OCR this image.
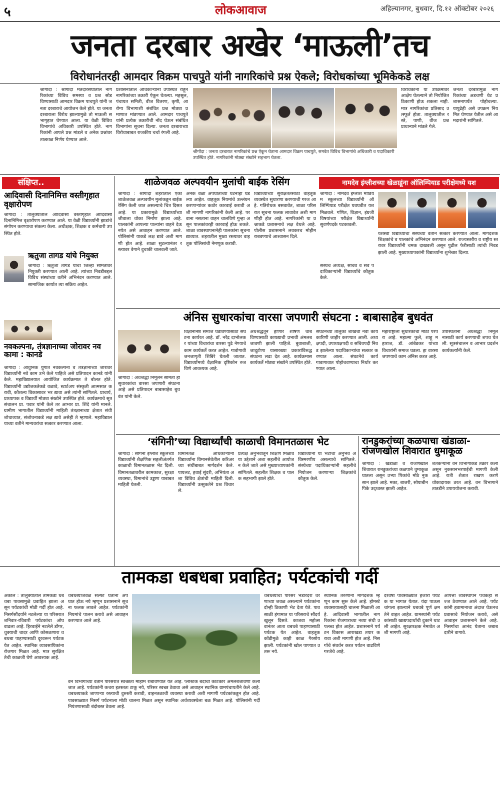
५	लोकआवाज	अहिल्यानगर, बुधवार, दि.१२ ऑक्टोबर २०२६
जनता दरबार अखेर ‘माऊली’तच
विरोधानंतरही आमदार विक्रम पाचपुते यांनी नागरिकांचे प्रश्न ऐकले; विरोधकांच्या भूमिकेकडे लक्ष
श्रीगोंदा : श्रीगोंदा मतदारसंघातील नागरिकांच्या विविध समस्या व प्रश्न सोडविण्यासाठी आमदार विक्रम पाचपुते यांनी जनता दरबाराचे आयोजन केले होते. या जनता दरबाराला विरोध झाल्यामुळे तो माऊली सभागृहात घेण्यात आला. या वेळी विविध विभागांचे अधिकारी उपस्थित होते. नागरिकांनी आपले प्रश्न मांडले व अनेक प्रश्नांवर तात्काळ निर्णय घेण्यात आले.
प्रशासनातील अधिकाऱ्यांनी उपस्थित राहून नागरिकांच्या तक्रारी ऐकून घेतल्या. महसूल, पंचायत समिती, वीज वितरण, कृषी, आरोग्य विभागाशी संबंधित प्रश्न मोठ्या प्रमाणात मांडण्यात आले. आमदार पाचपुते यांनी प्रत्येक तक्रारीची नोंद घेऊन संबंधित विभागांना सूचना दिल्या. जनता दरबाराच्या विरोधाबाबत राजकीय चर्चा रंगली आहे.
श्रीगोंदा : जनता दरबारात नागरिकांचे प्रश्न ऐकून घेताना आमदार विक्रम पाचपुते, समवेत विविध विभागांचे अधिकारी व पदाधिकारी उपस्थित होते. नागरिकांनी मोठ्या संख्येने सहभाग घेतला.
विरोधकांनी या उपक्रमावर आक्षेप घेतल्याने तो नियोजित ठिकाणी होऊ शकला नाही. मात्र नागरिकांचा प्रतिसाद उत्स्फूर्त होता. तालुक्यातील रस्ते, पाणी, वीज प्रश्न प्राधान्याने मांडले गेले.
जनता दरबारामुळे नागरिकांच्या अडचणी थेट प्रशासनापर्यंत पोहोचल्या. यापुढेही असे उपक्रम नियमित घेण्यात येतील असे आमदारांनी सांगितले.
संक्षिप्त..
आदिवासी दिनानिमित्त वस्तीगृहात वृक्षारोपण
श्रीगोंदा : तालुक्यातील आदिवासी वस्तीगृहात आदिवासी दिनानिमित्त वृक्षारोपण करण्यात आले. या वेळी विद्यार्थ्यांनी झाडांचे संगोपन करण्याचा संकल्प केला. अधीक्षक, शिक्षक व कर्मचारी उपस्थित होते.
ऋतुजा तागड यांचे नियुक्त
श्रीगोंदा : ऋतुजा तागड यांची जिल्हा समितीवर नियुक्ती करण्यात आली आहे. त्यांच्या निवडीबद्दल विविध संस्थांच्या वतीने अभिनंदन करण्यात आले. सामाजिक कार्यात त्या सक्रिय आहेत.
नवकल्पना, तंत्रज्ञानाच्या जोरावर नव कामा : कानडे
श्रीगोंदा : आधुनिक युगात नवकल्पना व तंत्रज्ञानाच्या जोरावर विद्यार्थ्यांनी नवे काम उभे केले पाहिजे असे प्रतिपादन कानडे यांनी केले. महाविद्यालयात आयोजित कार्यक्रमात ते बोलत होते. विद्यार्थ्यांनी उद्योजकतेकडे वळावे, स्टार्टअप संस्कृती आत्मसात करावी, कौशल्य विकासावर भर द्यावा असे त्यांनी सांगितले. प्राचार्य, प्राध्यापक व विद्यार्थी मोठ्या संख्येने उपस्थित होते. कार्यक्रमाचे सूत्रसंचालन प्रा. पवार यांनी केले तर आभार प्रा. शिंदे यांनी मानले. ग्रामीण भागातील विद्यार्थ्यांनी माहिती तंत्रज्ञानाच्या क्षेत्रात संधी शोधाव्यात, संशोधनाकडे लक्ष द्यावे असेही ते म्हणाले. महाविद्यालयाच्या वतीने मान्यवरांचा सत्कार करण्यात आला.
शाळेजवळ अल्पवयीन मुलांची बाईक रेसिंग
श्रीगोंदा : श्रीगोंदा शहरातील एका शाळेजवळ अल्पवयीन मुलांकडून बाईक रेसिंग केली जात असल्याचे चित्र दिसत आहे. या प्रकारामुळे विद्यार्थ्यांच्या जीवाला धोका निर्माण झाला आहे. पालकांनी आपल्या पाल्यांना वाहने देऊ नयेत असे आवाहन करण्यात आले. पोलिसांनी याकडे लक्ष द्यावे अशी मागणी होत आहे. शाळा सुटल्यानंतर रस्त्यावर वेगाने दुचाकी चालवली जाते.
अनेक वेळा अपघाताच्या घटनाही घडल्या आहेत. वाहतूक नियमांचे उल्लंघन करणाऱ्यांवर कठोर कारवाई करावी अशी मागणी नागरिकांनी केली आहे. परवाना नसताना वाहन चालविणे गुन्हा असून पालकांवरही कारवाई होऊ शकते. शाळा व्यवस्थापनानेही पालकांना सूचना द्याव्यात. शहरातील मुख्य रस्त्यावर वाहतूक पोलिसांची नेमणूक करावी.
विद्यार्थ्यांच्या सुरक्षिततेसाठी वाहतूक व्यवस्थेत सुधारणा करण्याची गरज आहे. गतिरोधक बसवावेत, शाळा परिसरात सूचना फलक लावावेत अशी मागणीही होत आहे. नागरिकांनी या प्रश्नाकडे प्रशासनाचे लक्ष वेधले आहे. पोलीस प्रशासनाने लवकरच मोहीम राबवण्याचे आश्वासन दिले.
नामदेव इंग्लीशच्या खेळाडूंना ऑलिम्पियाड परीक्षेमध्ये यश
श्रीगोंदा : नामदेव इंग्लीश मीडियम स्कूलच्या विद्यार्थ्यांनी ऑलिम्पियाड परीक्षेत घवघवीत यश मिळवले. गणित, विज्ञान, इंग्रजी विषयांच्या परीक्षेत विद्यार्थ्यांनी सुवर्णपदके पटकावली.
यशस्वी विद्यार्थ्यांचा संस्थेच्या वतीने सत्कार करण्यात आला. मार्गदर्शक शिक्षकांचे व पालकांचे अभिनंदन करण्यात आले. राज्यस्तरीय व राष्ट्रीय स्तरावर विद्यार्थ्यांनी चमक दाखवली असून पुढील फेरीसाठी त्यांची निवड झाली आहे. मुख्याध्यापकांनी विद्यार्थ्यांना शुभेच्छा दिल्या.
संस्थेचे अध्यक्ष, सचिव व सर्व पदाधिकाऱ्यांनी विद्यार्थ्यांचे कौतुक केले.
अंनिस सुधारकांचा वारसा जपणारी संघटना : बाबासाहेब बुधवंत
श्रीगोंदा : अंधश्रद्धा निर्मूलन समिती ही सुधारकांचा वारसा जपणारी संघटना आहे असे प्रतिपादन बाबासाहेब बुधवंत यांनी केले.
विज्ञाननिष्ठ समाज घडविण्यासाठी संघटना कार्यरत आहे. डॉ. नरेंद्र दाभोलकर यांच्या विचारांचा वारसा पुढे नेण्याचे काम कार्यकर्ते करत आहेत. गावोगावी जनजागृती शिबिरे घेतली जातात. विद्यार्थ्यांमध्ये वैज्ञानिक दृष्टिकोन रुजविणे आवश्यक आहे.
अंधश्रद्धेतून होणारे शोषण थांबविण्यासाठी कायद्याची प्रभावी अंमलबजावणी झाली पाहिजे. बुवाबाजी, जादूटोणा यासारख्या प्रकारांविरुद्ध संघटना लढा देत आहे. कार्यक्रमास कार्यकर्ते मोठ्या संख्येने उपस्थित होते.
संघटनेच्या तालुका शाखेची नवी कार्यकारिणी जाहीर करण्यात आली. अध्यक्षपदी, उपाध्यक्षपदी व सचिवपदी निवड झालेल्या पदाधिकाऱ्यांचा सत्कार करण्यात आला. संघटनेचे कार्य गावागावात पोहोचवण्याचा निर्धार करण्यात आला.
महाराष्ट्राला सुधारकांची मोठी परंपरा आहे. महात्मा फुले, शाहू महाराज, डॉ. आंबेडकर यांच्या विचारांनी समाज घडला. हा वारसा जपण्याचे काम अंनिस करत आहे.
उपस्थितांनी अंधश्रद्धा निर्मूलनासाठी कार्य करण्याची शपथ घेतली. सूत्रसंचालन व आभार प्रदर्शन कार्यकर्त्यांनी केले.
‘संगिनी’च्या विद्यार्थ्यांची काळाची विमानतळास भेट
श्रीगोंदा : संगिनी इंग्लीश स्कूलच्या विद्यार्थ्यांनी शैक्षणिक सहलीअंतर्गत काळाची विमानतळास भेट दिली. विमानतळावरील कामकाज, सुरक्षा व्यवस्था, विमानांचे उड्डाण याबाबत माहिती घेतली.
विमानतळ अधिकाऱ्यांनी विद्यार्थ्यांना विमानसेवेतील करिअरच्या संधींबाबत मार्गदर्शन केले. पायलट, हवाई सुंदरी, अभियंता अशा विविध क्षेत्रांची माहिती दिली. विद्यार्थ्यांनी उत्सुकतेने प्रश्न विचारले.
प्रत्यक्ष अनुभवातून शिक्षण मिळावे या उद्देशाने अशा सहलींचे आयोजन केले जाते असे मुख्याध्यापकांनी सांगितले. सहलीत शिक्षक व पालक सहभागी झाले होते.
विद्यार्थ्यांनी या भेटीचा अनुभव अविस्मरणीय असल्याचे सांगितले. संस्थेच्या पदाधिकाऱ्यांनी सहलीचे नियोजन करणाऱ्या शिक्षकांचे कौतुक केले.
रानडुकरांच्या कळपाचा खंडाळा-रांजणखोल शिवारात धुमाकूळ
श्रीगोंदा : खंडाळा व रांजणखोल शिवारात रानडुकरांच्या कळपाने धुमाकूळ घातला असून उभ्या पिकांचे मोठे नुकसान झाले आहे. मका, बाजरी, सोयाबीन पिके उद्ध्वस्त झाली आहेत.
शेतकऱ्यांनी वन विभागाकडे तक्रार केली असून नुकसानभरपाईची मागणी केली आहे. रात्री शेतात राखण करणे धोकादायक ठरत आहे. वन विभागाने तातडीने उपाययोजना करावी.
तामकडा धबधबा प्रवाहित; पर्यटकांची गर्दी
अकोले : तालुक्यातील तामकडा धबधबा पावसामुळे प्रवाहित झाला असून पर्यटकांची मोठी गर्दी होत आहे. निसर्गसौंदर्याने नटलेल्या या परिसरात शनिवार-रविवारी पर्यटकांचा ओघ वाढला आहे. हिरवाईने नटलेले डोंगर, धुक्याची चादर आणि कोसळणारा धबधबा पाहण्यासाठी दूरवरून पर्यटक येत आहेत. स्थानिक व्यावसायिकांना रोजगार मिळत आहे. मात्र सुरक्षिततेची काळजी घेणे आवश्यक आहे.
धबधब्याजवळ सेल्फी घेताना अपघात होऊ नये म्हणून प्रशासनाने सूचना फलक लावले आहेत. पर्यटकांनी नियमांचे पालन करावे असे आवाहन करण्यात आले आहे.
वन विभागाच्या वतीने परिसरात स्वच्छता मोहीम राबविण्यात येत आहे. प्लॅस्टिक बंदीची काटेकोर अंमलबजावणी केली जात आहे. पर्यटकांनी कचरा इतस्ततः टाकू नये, परिसर स्वच्छ ठेवावा असे आवाहन स्थानिक ग्रामपंचायतीने केले आहे. धबधब्याकडे जाणाऱ्या रस्त्याची दुरुस्ती करावी, वाहनतळाची व्यवस्था करावी अशी मागणी पर्यटकांकडून होत आहे. पावसाळ्यात निसर्ग पर्यटनाला मोठी चालना मिळत असून स्थानिक अर्थव्यवस्थेला बळ मिळत आहे. पोलिसांनी गर्दी नियंत्रणासाठी बंदोबस्त ठेवला आहे.
धबधब्याचा परिसर भंडारदरा धरणाच्या जवळ असल्याने पर्यटकांना दोन्ही ठिकाणी भेट देता येते. पावसाळी हंगामात या परिसराचे सौंदर्य खुलून दिसते. काजवा महोत्सवानंतर आता धबधबे पाहण्यासाठी पर्यटक येत आहेत. वाहतूक कोंडीमुळे काही काळ गैरसोय झाली. पर्यटकांनी खोल पाण्यात उतरू नये.
स्थानिक तरुणांनी मार्गदर्शक म्हणून काम सुरू केले आहे. होमस्टे व्यवसायालाही चालना मिळाली आहे. आदिवासी भागातील नागरिकांना रोजगाराच्या नव्या संधी उपलब्ध होत आहेत. प्रशासनाने पर्यटन विकास आराखडा तयार करावा अशी मागणी होत आहे. निसर्गाचे संवर्धन करत पर्यटन वाढविणे गरजेचे आहे.
दरवर्षी पावसाळ्यात हजारो पर्यटक या भागात येतात. यंदा पाऊस चांगला झाल्याने धबधबे पूर्ण क्षमतेने वाहत आहेत. ग्रामस्थांनी पर्यटकांसाठी खाद्यपदार्थांची दुकाने थाटली आहेत. सुरक्षारक्षक नेमावेत अशी मागणी आहे.
आपत्ती व्यवस्थापन पथकही सज्ज ठेवण्यात आले आहे. पर्यटकांनी हवामानाचा अंदाज घेऊनच प्रवासाचे नियोजन करावे, असे आवाहन प्रशासनाने केले आहे. निसर्गाचा आनंद घेताना जबाबदारीने वागावे.
